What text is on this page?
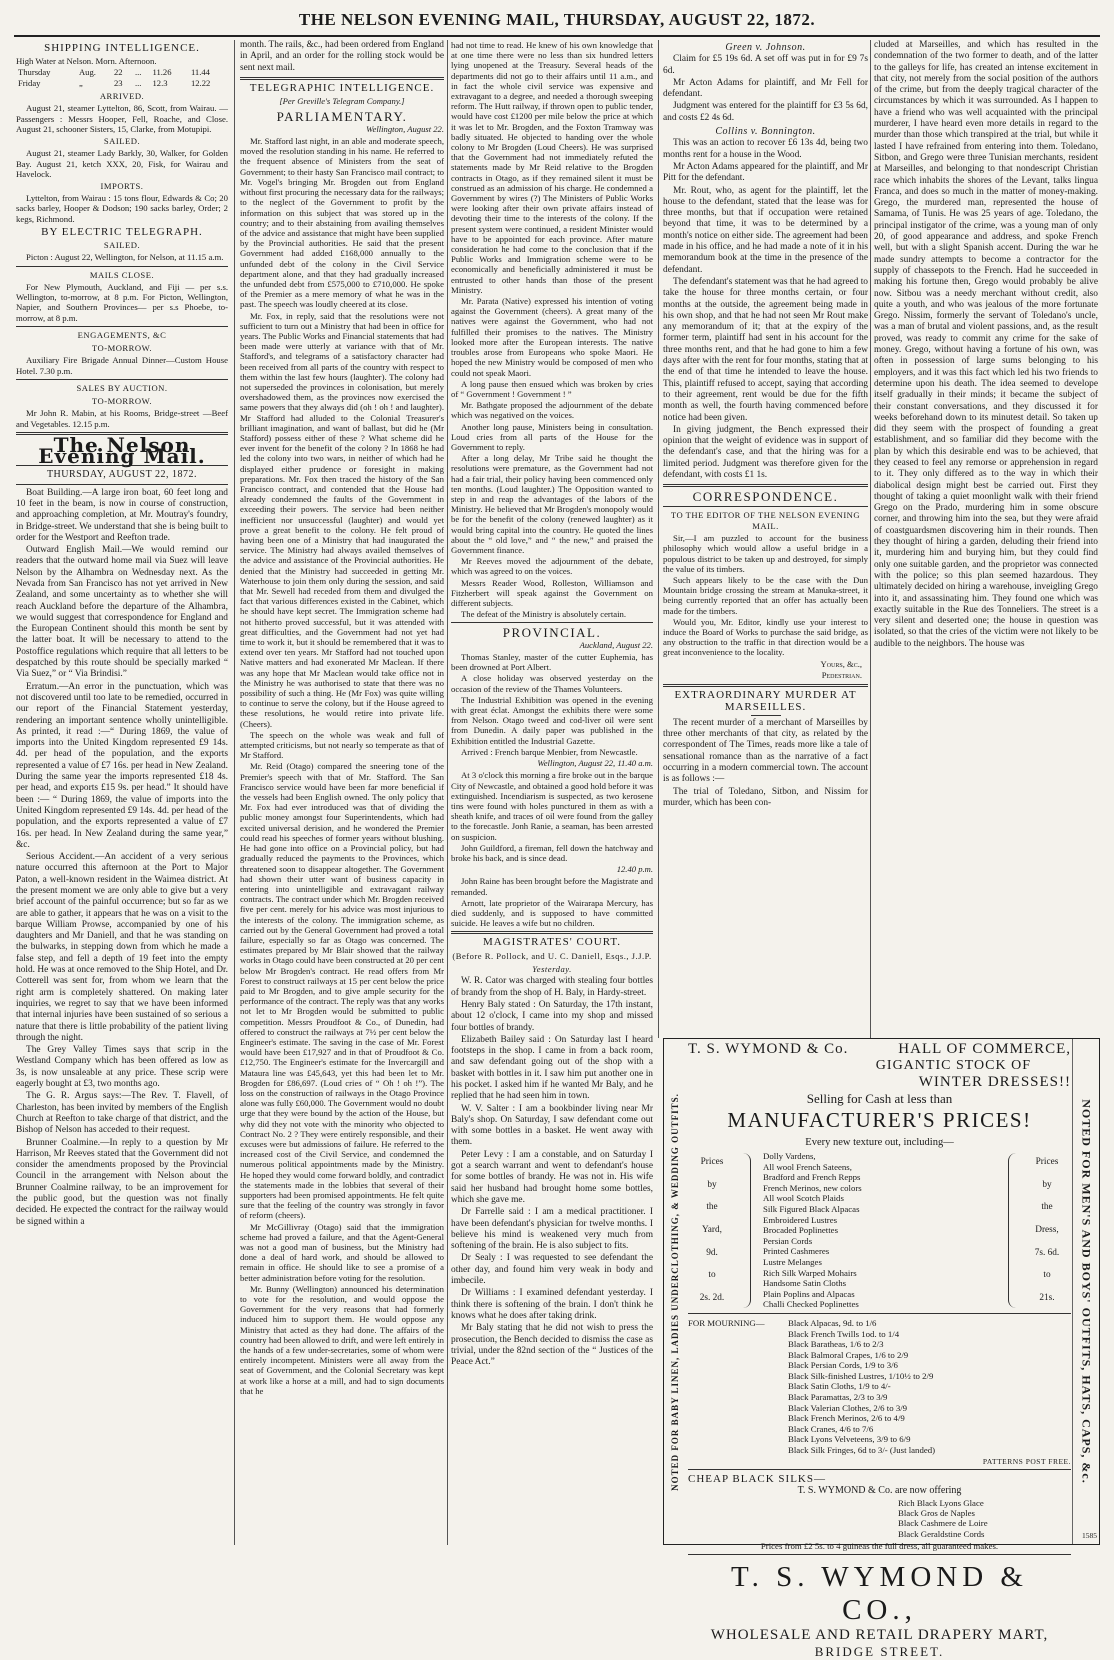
THE NELSON EVENING MAIL, THURSDAY, AUGUST 22, 1872.
SHIPPING INTELLIGENCE.
High Water at Nelson. Morn. Afternoon.
Thursday	Aug.	22	...	11.26	11.44
Friday	„	23	...	12.3	12.22
ARRIVED.

August 21, steamer Lyttelton, 86, Scott, from Wairau. — Passengers : Messrs Hooper, Fell, Roache, and Close. August 21, schooner Sisters, 15, Clarke, from Motupipi.

SAILED.

August 21, steamer Lady Barkly, 30, Walker, for Golden Bay. August 21, ketch XXX, 20, Fisk, for Wairau and Havelock.

IMPORTS.

Lyttelton, from Wairau : 15 tons flour, Edwards & Co; 20 sacks barley, Hooper & Dodson; 190 sacks barley, Order; 2 kegs, Richmond.

BY ELECTRIC TELEGRAPH.
SAILED.

Picton : August 22, Wellington, for Nelson, at 11.15 a.m.

MAILS CLOSE.

For New Plymouth, Auckland, and Fiji — per s.s. Wellington, to-morrow, at 8 p.m. For Picton, Wellington, Napier, and Southern Provinces— per s.s Phoebe, to-morrow, at 8 p.m.

ENGAGEMENTS, &C
TO-MORROW.

Auxiliary Fire Brigade Annual Dinner—Custom House Hotel. 7.30 p.m.

SALES BY AUCTION.
TO-MORROW.

Mr John R. Mabin, at his Rooms, Bridge-street —Beef and Vegetables. 12.15 p.m.

The Nelson Evening Mail.
THURSDAY, AUGUST 22, 1872.

Boat Building.—A large iron boat, 60 feet long and 10 feet in the beam, is now in course of construction, and approaching completion, at Mr. Moutray's foundry, in Bridge-street. We understand that she is being built to order for the Westport and Reefton trade.

Outward English Mail.—We would remind our readers that the outward home mail via Suez will leave Nelson by the Alhambra on Wednesday next. As the Nevada from San Francisco has not yet arrived in New Zealand, and some uncertainty as to whether she will reach Auckland before the departure of the Alhambra, we would suggest that correspondence for England and the European Continent should this month be sent by the latter boat. It will be necessary to attend to the Postoffice regulations which require that all letters to be despatched by this route should be specially marked “ Via Suez,” or “ Via Brindisi.”

Erratum.—An error in the punctuation, which was not discovered until too late to be remedied, occurred in our report of the Financial Statement yesterday, rendering an important sentence wholly unintelligible. As printed, it read :—“ During 1869, the value of imports into the United Kingdom represented £9 14s. 4d. per head of the population, and the exports represented a value of £7 16s. per head in New Zealand. During the same year the imports represented £18 4s. per head, and exports £15 9s. per head.” It should have been :— “ During 1869, the value of imports into the United Kingdom represented £9 14s. 4d. per head of the population, and the exports represented a value of £7 16s. per head. In New Zealand during the same year,” &c.

Serious Accident.—An accident of a very serious nature occurred this afternoon at the Port to Major Paton, a well-known resident in the Waimea district. At the present moment we are only able to give but a very brief account of the painful occurrence; but so far as we are able to gather, it appears that he was on a visit to the barque William Prowse, accompanied by one of his daughters and Mr Daniell, and that he was standing on the bulwarks, in stepping down from which he made a false step, and fell a depth of 19 feet into the empty hold. He was at once removed to the Ship Hotel, and Dr. Cotterell was sent for, from whom we learn that the right arm is completely shattered. On making later inquiries, we regret to say that we have been informed that internal injuries have been sustained of so serious a nature that there is little probability of the patient living through the night.

The Grey Valley Times says that scrip in the Westland Company which has been offered as low as 3s, is now unsaleable at any price. These scrip were eagerly bought at £3, two months ago.

The G. R. Argus says:—The Rev. T. Flavell, of Charleston, has been invited by members of the English Church at Reefton to take charge of that district, and the Bishop of Nelson has acceded to their request.

Brunner Coalmine.—In reply to a question by Mr Harrison, Mr Reeves stated that the Government did not consider the amendments proposed by the Provincial Council in the arrangement with Nelson about the Brunner Coalmine railway, to be an improvement for the public good, but the question was not finally decided. He expected the contract for the railway would be signed within a

month. The rails, &c., had been ordered from England in April, and an order for the rolling stock would be sent next mail.

TELEGRAPHIC INTELLIGENCE.
[Per Greville's Telegram Company.]
PARLIAMENTARY.
Wellington, August 22.

Mr. Stafford last night, in an able and moderate speech, moved the resolution standing in his name. He referred to the frequent absence of Ministers from the seat of Government; to their hasty San Francisco mail contract; to Mr. Vogel's bringing Mr. Brogden out from England without first procuring the necessary data for the railways; to the neglect of the Government to profit by the information on this subject that was stored up in the country; and to their abstaining from availing themselves of the advice and assistance that might have been supplied by the Provincial authorities. He said that the present Government had added £168,000 annually to the unfunded debt of the colony in the Civil Service department alone, and that they had gradually increased the unfunded debt from £575,000 to £710,000. He spoke of the Premier as a mere memory of what he was in the past. The speech was loudly cheered at its close.

Mr. Fox, in reply, said that the resolutions were not sufficient to turn out a Ministry that had been in office for years. The Public Works and Financial statements that had been made were utterly at variance with that of Mr. Stafford's, and telegrams of a satisfactory character had been received from all parts of the country with respect to them within the last few hours (laughter). The colony had not superseded the provinces in colonisation, but merely overshadowed them, as the provinces now exercised the same powers that they always did (oh ! oh ! and laughter). Mr Stafford had alluded to the Colonial Treasurer's brilliant imagination, and want of ballast, but did he (Mr Stafford) possess either of these ? What scheme did he ever invent for the benefit of the colony ? In 1868 he had led the colony into two wars, in neither of which had he displayed either prudence or foresight in making preparations. Mr. Fox then traced the history of the San Francisco contract, and contended that the House had already condemned the faults of the Government in exceeding their powers. The service had been neither inefficient nor unsuccessful (laughter) and would yet prove a great benefit to the colony. He felt proud of having been one of a Ministry that had inaugurated the service. The Ministry had always availed themselves of the advice and assistance of the Provincial authorities. He denied that the Ministry had succeeded in getting Mr. Waterhouse to join them only during the session, and said that Mr. Sewell had receded from them and divulged the fact that various differences existed in the Cabinet, which he should have kept secret. The Immigration scheme had not hitherto proved successful, but it was attended with great difficulties, and the Government had not yet had time to work it, but it should be remembered that it was to extend over ten years. Mr Stafford had not touched upon Native matters and had exonerated Mr Maclean. If there was any hope that Mr Maclean would take office not in the Ministry he was authorised to state that there was no possibility of such a thing. He (Mr Fox) was quite willing to continue to serve the colony, but if the House agreed to these resolutions, he would retire into private life. (Cheers).

The speech on the whole was weak and full of attempted criticisms, but not nearly so temperate as that of Mr Stafford.

Mr. Reid (Otago) compared the sneering tone of the Premier's speech with that of Mr. Stafford. The San Francisco service would have been far more beneficial if the vessels had been English owned. The only policy that Mr. Fox had ever introduced was that of dividing the public money amongst four Superintendents, which had excited universal derision, and he wondered the Premier could read his speeches of former years without blushing. He had gone into office on a Provincial policy, but had gradually reduced the payments to the Provinces, which threatened soon to disappear altogether. The Government had shown their utter want of business capacity in entering into unintelligible and extravagant railway contracts. The contract under which Mr. Brogden received five per cent. merely for his advice was most injurious to the interests of the colony. The immigration scheme, as carried out by the General Government had proved a total failure, especially so far as Otago was concerned. The estimates prepared by Mr Blair showed that the railway works in Otago could have been constructed at 20 per cent below Mr Brogden's contract. He read offers from Mr Forest to construct railways at 15 per cent below the price paid to Mr Brogden, and to give ample security for the performance of the contract. The reply was that any works not let to Mr Brogden would be submitted to public competition. Messrs Proudfoot & Co., of Dunedin, had offered to construct the railways at 7½ per cent below the Engineer's estimate. The saving in the case of Mr. Forest would have been £17,927 and in that of Proudfoot & Co. £12,750. The Engineer's estimate for the Invercargill and Mataura line was £45,643, yet this had been let to Mr. Brogden for £86,697. (Loud cries of “ Oh ! oh !”). The loss on the construction of railways in the Otago Province alone was fully £60,000. The Government would no doubt urge that they were bound by the action of the House, but why did they not vote with the minority who objected to Contract No. 2 ? They were entirely responsible, and their excuses were but admissions of failure. He referred to the increased cost of the Civil Service, and condemned the numerous political appointments made by the Ministry. He hoped they would come forward boldly, and contradict the statements made in the lobbies that several of their supporters had been promised appointments. He felt quite sure that the feeling of the country was strongly in favor of reform (cheers).

Mr McGillivray (Otago) said that the immigration scheme had proved a failure, and that the Agent-General was not a good man of business, but the Ministry had done a deal of hard work, and should be allowed to remain in office. He should like to see a promise of a better administration before voting for the resolution.

Mr. Bunny (Wellington) announced his determination to vote for the resolution, and would oppose the Government for the very reasons that had formerly induced him to support them. He would oppose any Ministry that acted as they had done. The affairs of the country had been allowed to drift, and were left entirely in the hands of a few under-secretaries, some of whom were entirely incompetent. Ministers were all away from the seat of Government, and the Colonial Secretary was kept at work like a horse at a mill, and had to sign documents that he

had not time to read. He knew of his own knowledge that at one time there were no less than six hundred letters lying unopened at the Treasury. Several heads of the departments did not go to their affairs until 11 a.m., and in fact the whole civil service was expensive and extravagant to a degree, and needed a thorough sweeping reform. The Hutt railway, if thrown open to public tender, would have cost £1200 per mile below the price at which it was let to Mr. Brogden, and the Foxton Tramway was badly situated. He objected to handing over the whole colony to Mr Brogden (Loud Cheers). He was surprised that the Government had not immediately refuted the statements made by Mr Reid relative to the Brogden contracts in Otago, as if they remained silent it must be construed as an admission of his charge. He condemned a Government by wires (?) The Ministers of Public Works were looking after their own private affairs instead of devoting their time to the interests of the colony. If the present system were continued, a resident Minister would have to be appointed for each province. After mature consideration he had come to the conclusion that if the Public Works and Immigration scheme were to be economically and beneficially administered it must be entrusted to other hands than those of the present Ministry.

Mr. Parata (Native) expressed his intention of voting against the Government (cheers). A great many of the natives were against the Government, who had not fulfilled their promises to the natives. The Ministry looked more after the European interests. The native troubles arose from Europeans who spoke Maori. He hoped the new Ministry would be composed of men who could not speak Maori.

A long pause then ensued which was broken by cries of “ Government ! Government ! ”

Mr. Bathgate proposed the adjournment of the debate which was negatived on the voices.

Another long pause, Ministers being in consultation. Loud cries from all parts of the House for the Government to reply.

After a long delay, Mr Tribe said he thought the resolutions were premature, as the Government had not had a fair trial, their policy having been commenced only ten months. (Loud laughter.) The Opposition wanted to step in and reap the advantages of the labors of the Ministry. He believed that Mr Brogden's monopoly would be for the benefit of the colony (renewed laughter) as it would bring capital into the country. He quoted the lines about the “ old love,” and “ the new,” and praised the Government finance.

Mr Reeves moved the adjournment of the debate, which was agreed to on the voices.

Messrs Reader Wood, Rolleston, Williamson and Fitzherbert will speak against the Government on different subjects.

The defeat of the Ministry is absolutely certain.

PROVINCIAL.
Auckland, August 22.

Thomas Stanley, master of the cutter Euphemia, has been drowned at Port Albert.

A close holiday was observed yesterday on the occasion of the review of the Thames Volunteers.

The Industrial Exhibition was opened in the evening with great éclat. Amongst the exhibits there were some from Nelson. Otago tweed and cod-liver oil were sent from Dunedin. A daily paper was published in the Exhibition entitled the Industrial Gazette.

Arrived : French barque Menbier, from Newcastle.

Wellington, August 22, 11.40 a.m.

At 3 o'clock this morning a fire broke out in the barque City of Newcastle, and obtained a good hold before it was extinguished. Incendiarism is suspected, as two kerosene tins were found with holes punctured in them as with a sheath knife, and traces of oil were found from the galley to the forecastle. Jonh Ranie, a seaman, has been arrested on suspicion.

John Guildford, a fireman, fell down the hatchway and broke his back, and is since dead.

12.40 p.m.

John Raine has been brought before the Magistrate and remanded.

Arnott, late proprietor of the Wairarapa Mercury, has died suddenly, and is supposed to have committed suicide. He leaves a wife but no children.

MAGISTRATES' COURT.
(Before R. Pollock, and U. C. Daniell, Esqs., J.J.P.
Yesterday.

W. R. Cator was charged with stealing four bottles of brandy from the shop of H. Baly, in Hardy-street.

Henry Baly stated : On Saturday, the 17th instant, about 12 o'clock, I came into my shop and missed four bottles of brandy.

Elizabeth Bailey said : On Saturday last I heard footsteps in the shop. I came in from a back room, and saw defendant going out of the shop with a basket with bottles in it. I saw him put another one in his pocket. I asked him if he wanted Mr Baly, and he replied that he had seen him in town.

W. V. Salter : I am a bookbinder living near Mr Baly's shop. On Saturday, I saw defendant come out with some bottles in a basket. He went away with them.

Peter Levy : I am a constable, and on Saturday I got a search warrant and went to defendant's house for some bottles of brandy. He was not in. His wife said her husband had brought home some bottles, which she gave me.

Dr Farrelle said : I am a medical practitioner. I have been defendant's physician for twelve months. I believe his mind is weakened very much from softening of the brain. He is also subject to fits.

Dr Sealy : I was requested to see defendant the other day, and found him very weak in body and imbecile.

Dr Williams : I examined defendant yesterday. I think there is softening of the brain. I don't think he knows what he does after taking drink.

Mr Baly stating that he did not wish to press the prosecution, the Bench decided to dismiss the case as trivial, under the 82nd section of the “ Justices of the Peace Act.”

Green v. Johnson.

Claim for £5 19s 6d. A set off was put in for £9 7s 6d.

Mr Acton Adams for plaintiff, and Mr Fell for defendant.

Judgment was entered for the plaintiff for £3 5s 6d, and costs £2 4s 6d.

Collins v. Bonnington.

This was an action to recover £6 13s 4d, being two months rent for a house in the Wood.

Mr Acton Adams appeared for the plaintiff, and Mr Pitt for the defendant.

Mr. Rout, who, as agent for the plaintiff, let the house to the defendant, stated that the lease was for three months, but that if occupation were retained beyond that time, it was to be determined by a month's notice on either side. The agreement had been made in his office, and he had made a note of it in his memorandum book at the time in the presence of the defendant.

The defendant's statement was that he had agreed to take the house for three months certain, or four months at the outside, the agreement being made in his own shop, and that he had not seen Mr Rout make any memorandum of it; that at the expiry of the former term, plaintiff had sent in his account for the three months rent, and that he had gone to him a few days after with the rent for four months, stating that at the end of that time he intended to leave the house. This, plaintiff refused to accept, saying that according to their agreement, rent would be due for the fifth month as well, the fourth having commenced before notice had been given.

In giving judgment, the Bench expressed their opinion that the weight of evidence was in support of the defendant's case, and that the hiring was for a limited period. Judgment was therefore given for the defendant, with costs £1 1s.

CORRESPONDENCE.
TO THE EDITOR OF THE NELSON EVENING MAIL.

Sir,—I am puzzled to account for the business philosophy which would allow a useful bridge in a populous district to be taken up and destroyed, for simply the value of its timbers.

Such appears likely to be the case with the Dun Mountain bridge crossing the stream at Manuka-street, it being currently reported that an offer has actually been made for the timbers.

Would you, Mr. Editor, kindly use your interest to induce the Board of Works to purchase the said bridge, as any obstruction to the traffic in that direction would be a great inconvenience to the locality.

Yours, &c.,
Pedestrian.
EXTRAORDINARY MURDER AT MARSEILLES.

The recent murder of a merchant of Marseilles by three other merchants of that city, as related by the correspondent of The Times, reads more like a tale of sensational romance than as the narrative of a fact occurring in a modern commercial town. The account is as follows :—

The trial of Toledano, Sitbon, and Nissim for murder, which has been con-

cluded at Marseilles, and which has resulted in the condemnation of the two former to death, and of the latter to the galleys for life, has created an intense excitement in that city, not merely from the social position of the authors of the crime, but from the deeply tragical character of the circumstances by which it was surrounded. As I happen to have a friend who was well acquainted with the principal murderer, I have heard even more details in regard to the murder than those which transpired at the trial, but while it lasted I have refrained from entering into them. Toledano, Sitbon, and Grego were three Tunisian merchants, resident at Marseilles, and belonging to that nondescript Christian race which inhabits the shores of the Levant, talks lingua Franca, and does so much in the matter of money-making. Grego, the murdered man, represented the house of Samama, of Tunis. He was 25 years of age. Toledano, the principal instigator of the crime, was a young man of only 20, of good appearance and address, and spoke French well, but with a slight Spanish accent. During the war he made sundry attempts to become a contractor for the supply of chassepots to the French. Had he succeeded in making his fortune then, Grego would probably be alive now. Sitbou was a needy merchant without credit, also quite a youth, and who was jealous of the more fortunate Grego. Nissim, formerly the servant of Toledano's uncle, was a man of brutal and violent passions, and, as the result proved, was ready to commit any crime for the sake of money. Grego, without having a fortune of his own, was often in possession of large sums belonging to his employers, and it was this fact which led his two friends to determine upon his death. The idea seemed to develope itself gradually in their minds; it became the subject of their constant conversations, and they discussed it for weeks beforehand down to its minutest detail. So taken up did they seem with the prospect of founding a great establishment, and so familiar did they become with the plan by which this desirable end was to be achieved, that they ceased to feel any remorse or apprehension in regard to it. They only differed as to the way in which their diabolical design might best be carried out. First they thought of taking a quiet moonlight walk with their friend Grego on the Prado, murdering him in some obscure corner, and throwing him into the sea, but they were afraid of coastguardsmen discovering him in their rounds. Then they thought of hiring a garden, deluding their friend into it, murdering him and burying him, but they could find only one suitable garden, and the proprietor was connected with the police; so this plan seemed hazardous. They ultimately decided on hiring a warehouse, inveigling Grego into it, and assassinating him. They found one which was exactly suitable in the Rue des Tonneliers. The street is a very silent and deserted one; the house in question was isolated, so that the cries of the victim were not likely to be audible to the neighbors. The house was

NOTED FOR BABY LINEN, LADIES UNDERCLOTHING, & WEDDING OUTFITS.	NOTED FOR MEN'S AND BOYS' OUTFITS, HATS, CAPS, &c.
T. S. WYMOND & Co.	HALL OF COMMERCE,
GIGANTIC STOCK OF
WINTER DRESSES!!
Selling for Cash at less than
MANUFACTURER'S PRICES!
Every new texture out, including—
Prices
by
the
Yard,
9d.
to
2s. 2d.
Dolly Vardens,
All wool French Sateens,
Bradford and French Repps
French Merinos, new colors
All wool Scotch Plaids
Silk Figured Black Alpacas
Embroidered Lustres
Brocaded Poplinettes
Persian Cords
Printed Cashmeres
Lustre Melanges
Rich Silk Warped Mohairs
Handsome Satin Cloths
Plain Poplins and Alpacas
Challi Checked Poplinettes
Prices
by
the
Dress,
7s. 6d.
to
21s.
FOR MOURNING—	Black Alpacas, 9d. to 1/6
Black French Twills 1od. to 1/4
Black Baratheas, 1/6 to 2/3
Black Balmoral Crapes, 1/6 to 2/9
Black Persian Cords, 1/9 to 3/6
Black Silk-finished Lustres, 1/10½ to 2/9
Black Satin Cloths, 1/9 to 4/-
Black Paramattas, 2/3 to 3/9
Black Valerian Clothes, 2/6 to 3/9
Black French Merinos, 2/6 to 4/9
Black Cranes, 4/6 to 7/6
Black Lyons Velveteens, 3/9 to 6/9
Black Silk Fringes, 6d to 3/- (Just landed)
PATTERNS POST FREE.
CHEAP BLACK SILKS—
T. S. WYMOND & Co. are now offering
Rich Black Lyons Glace
Black Gros de Naples
Black Cashmere de Loire
Black Geraldstine Cords
Prices from £2 5s. to 4 guineas the full dress, all guaranteed makes.
T. S. WYMOND & CO.,
WHOLESALE AND RETAIL DRAPERY MART,
BRIDGE STREET.
1585
